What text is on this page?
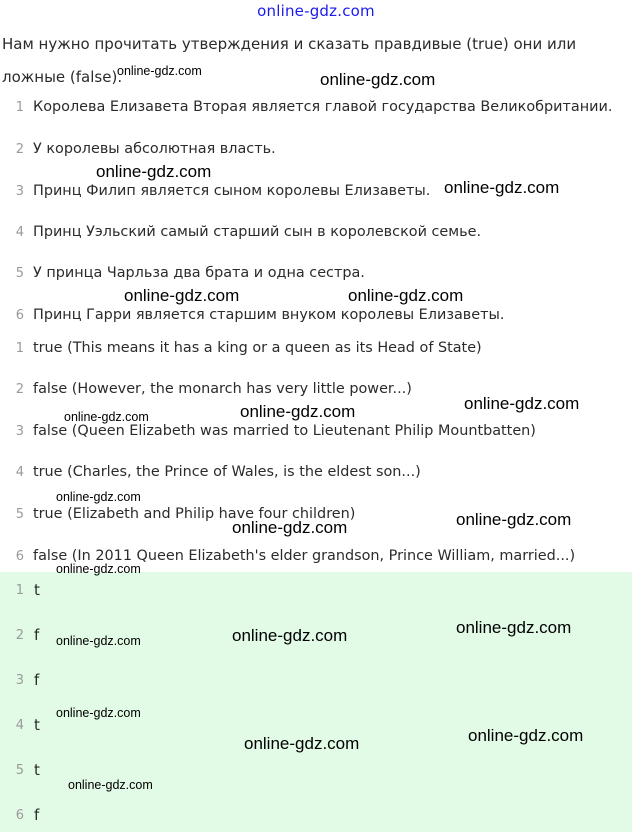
online-gdz.com
Нам нужно прочитать утверждения и сказать правдивые (true) они или ложные (false).
1 Королева Елизавета Вторая является главой государства Великобритании.
2 У королевы абсолютная власть.
3 Принц Филип является сыном королевы Елизаветы.
4 Принц Уэльский самый старший сын в королевской семье.
5 У принца Чарльза два брата и одна сестра.
6 Принц Гарри является старшим внуком королевы Елизаветы.
1 true (This means it has a king or a queen as its Head of State)
2 false (However, the monarch has very little power...)
3 false (Queen Elizabeth was married to Lieutenant Philip Mountbatten)
4 true (Charles, the Prince of Wales, is the eldest son...)
5 true (Elizabeth and Philip have four children)
6 false (In 2011 Queen Elizabeth's elder grandson, Prince William, married...)
1 t
2 f
3 f
4 t
5 t
6 f
online-gdz.com	online-gdz.com
online-gdz.com
online-gdz.com
online-gdz.com	online-gdz.com
online-gdz.com
online-gdz.com
online-gdz.com
online-gdz.com
online-gdz.com
online-gdz.com
online-gdz.com
online-gdz.com
online-gdz.com
online-gdz.com
online-gdz.com
online-gdz.com
online-gdz.com
online-gdz.com
